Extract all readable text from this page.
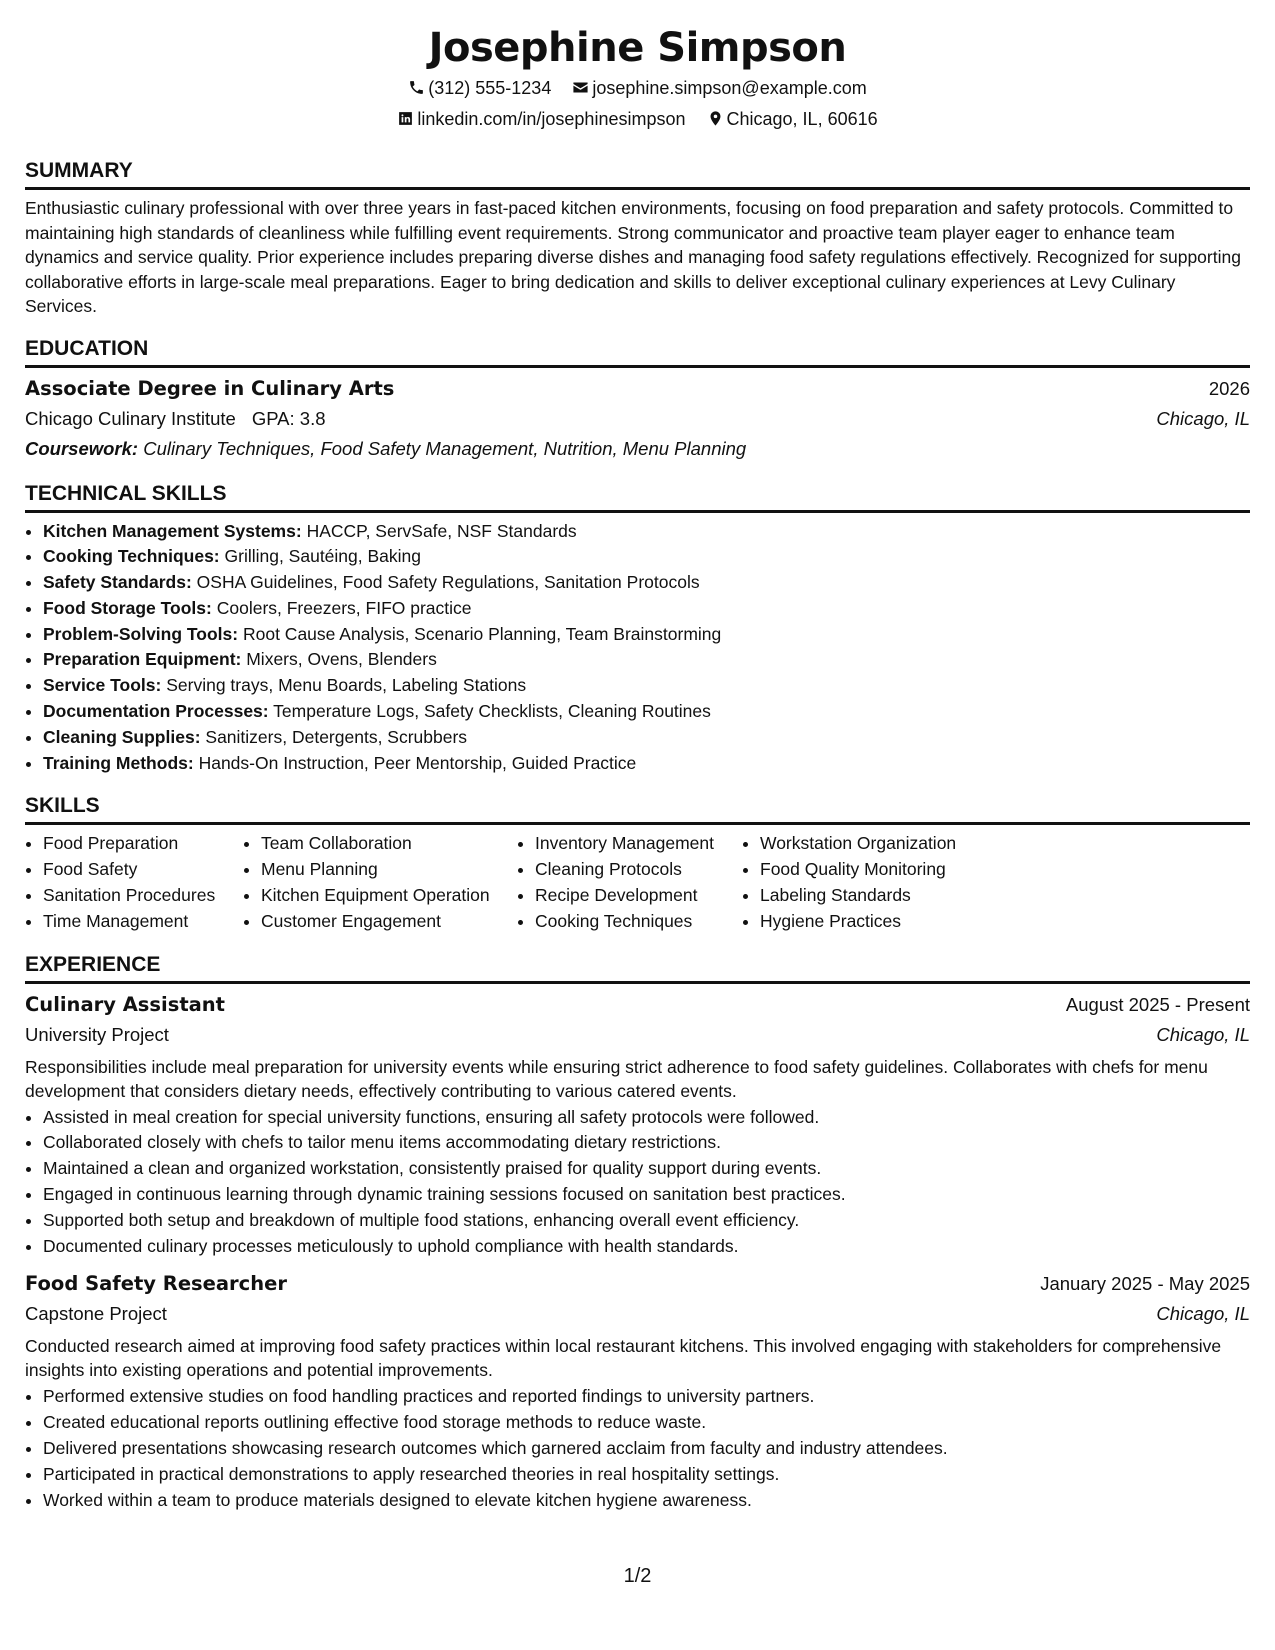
Josephine Simpson
(312) 555-1234 josephine.simpson@example.com
linkedin.com/in/josephinesimpson Chicago, IL, 60616
SUMMARY

Enthusiastic culinary professional with over three years in fast-paced kitchen environments, focusing on food preparation and safety protocols. Committed to maintaining high standards of cleanliness while fulfilling event requirements. Strong communicator and proactive team player eager to enhance team dynamics and service quality. Prior experience includes preparing diverse dishes and managing food safety regulations effectively. Recognized for supporting collaborative efforts in large-scale meal preparations. Eager to bring dedication and skills to deliver exceptional culinary experiences at Levy Culinary Services.

EDUCATION
Associate Degree in Culinary Arts	2026
Chicago Culinary Institute GPA: 3.8	Chicago, IL
Coursework: Culinary Techniques, Food Safety Management, Nutrition, Menu Planning
TECHNICAL SKILLS
• Kitchen Management Systems: HACCP, ServSafe, NSF Standards
• Cooking Techniques: Grilling, Sautéing, Baking
• Safety Standards: OSHA Guidelines, Food Safety Regulations, Sanitation Protocols
• Food Storage Tools: Coolers, Freezers, FIFO practice
• Problem-Solving Tools: Root Cause Analysis, Scenario Planning, Team Brainstorming
• Preparation Equipment: Mixers, Ovens, Blenders
• Service Tools: Serving trays, Menu Boards, Labeling Stations
• Documentation Processes: Temperature Logs, Safety Checklists, Cleaning Routines
• Cleaning Supplies: Sanitizers, Detergents, Scrubbers
• Training Methods: Hands-On Instruction, Peer Mentorship, Guided Practice
SKILLS
• Food Preparation
• Food Safety
• Sanitation Procedures
• Time Management
• Team Collaboration
• Menu Planning
• Kitchen Equipment Operation
• Customer Engagement
• Inventory Management
• Cleaning Protocols
• Recipe Development
• Cooking Techniques
• Workstation Organization
• Food Quality Monitoring
• Labeling Standards
• Hygiene Practices
EXPERIENCE
Culinary Assistant	August 2025 - Present
University Project	Chicago, IL

Responsibilities include meal preparation for university events while ensuring strict adherence to food safety guidelines. Collaborates with chefs for menu development that considers dietary needs, effectively contributing to various catered events.

• Assisted in meal creation for special university functions, ensuring all safety protocols were followed.
• Collaborated closely with chefs to tailor menu items accommodating dietary restrictions.
• Maintained a clean and organized workstation, consistently praised for quality support during events.
• Engaged in continuous learning through dynamic training sessions focused on sanitation best practices.
• Supported both setup and breakdown of multiple food stations, enhancing overall event efficiency.
• Documented culinary processes meticulously to uphold compliance with health standards.
Food Safety Researcher	January 2025 - May 2025
Capstone Project	Chicago, IL

Conducted research aimed at improving food safety practices within local restaurant kitchens. This involved engaging with stakeholders for comprehensive insights into existing operations and potential improvements.

• Performed extensive studies on food handling practices and reported findings to university partners.
• Created educational reports outlining effective food storage methods to reduce waste.
• Delivered presentations showcasing research outcomes which garnered acclaim from faculty and industry attendees.
• Participated in practical demonstrations to apply researched theories in real hospitality settings.
• Worked within a team to produce materials designed to elevate kitchen hygiene awareness.
1/2
